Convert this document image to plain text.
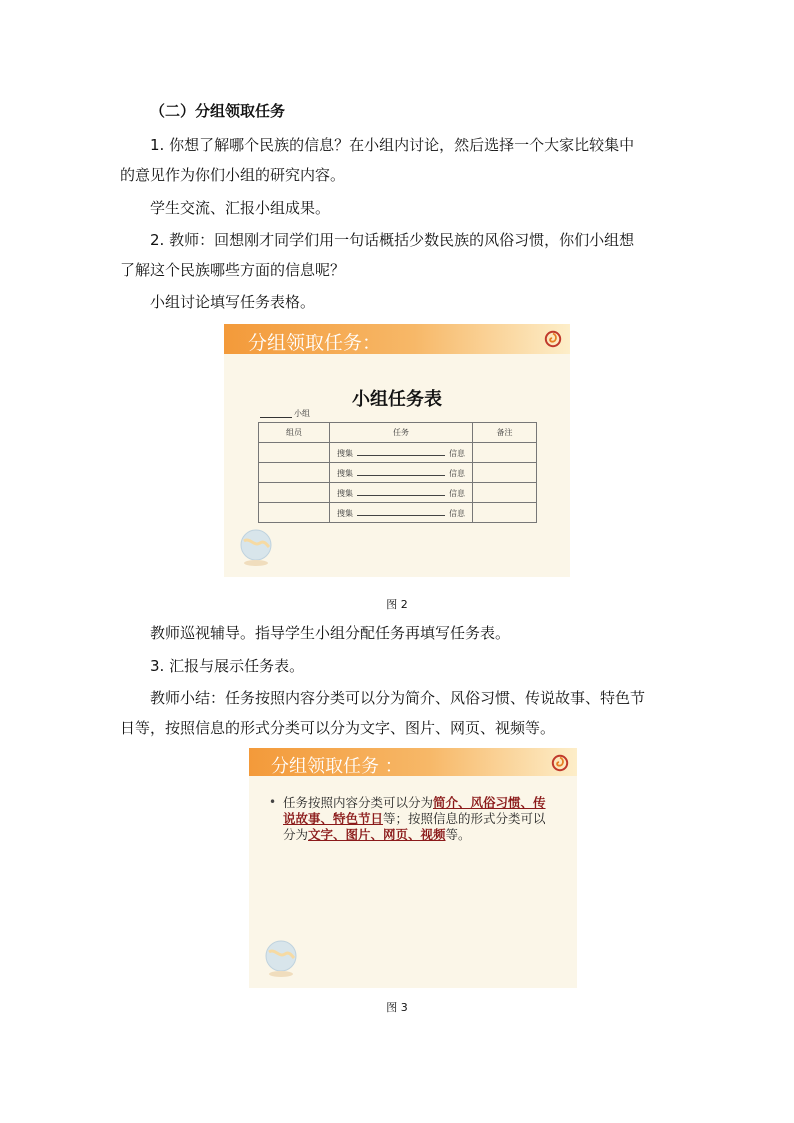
（二）分组领取任务
1. 你想了解哪个民族的信息？在小组内讨论，然后选择一个大家比较集中
的意见作为你们小组的研究内容。
学生交流、汇报小组成果。
2. 教师：回想刚才同学们用一句话概括少数民族的风俗习惯，你们小组想
了解这个民族哪些方面的信息呢？
小组讨论填写任务表格。
分组领取任务：
小组任务表
小组
组员	任务	备注
	搜集 信息	
	搜集 信息	
	搜集 信息	
	搜集 信息	
图 2
教师巡视辅导。指导学生小组分配任务再填写任务表。
3. 汇报与展示任务表。
教师小结：任务按照内容分类可以分为简介、风俗习惯、传说故事、特色节
日等，按照信息的形式分类可以分为文字、图片、网页、视频等。
分组领取任务 ：
• 任务按照内容分类可以分为简介、风俗习惯、传说故事、特色节日等；按照信息的形式分类可以分为文字、图片、网页、视频等。
图 3
